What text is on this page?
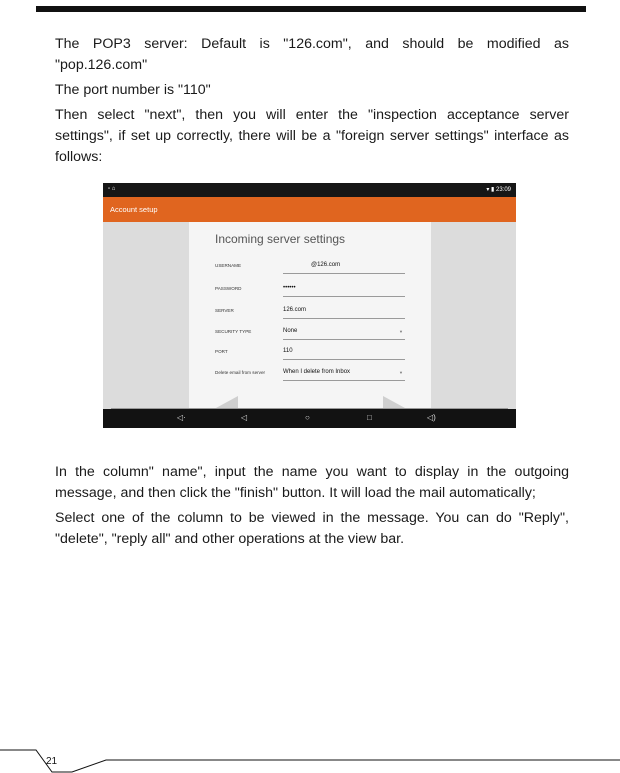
The POP3 server: Default is "126.com", and should be modified as "pop.126.com"

The port number is "110"

Then select "next", then you will enter the "inspection acceptance server settings", if set up correctly, there will be a "foreign server settings" interface as follows:

▫ ⌂	▾ ▮ 23:09
Account setup
Incoming server settings
USERNAME	@126.com
PASSWORD	••••••
SERVER	126.com
SECURITY TYPE	None	▼
PORT	110
Delete email from server	When I delete from Inbox	▼
◁·	◁	○	□	◁)

In the column" name", input the name you want to display in the outgoing message, and then click the "finish" button. It will load the mail automatically;

Select one of the column to be viewed in the message. You can do "Reply", "delete", "reply all" and other operations at the view bar.

21
